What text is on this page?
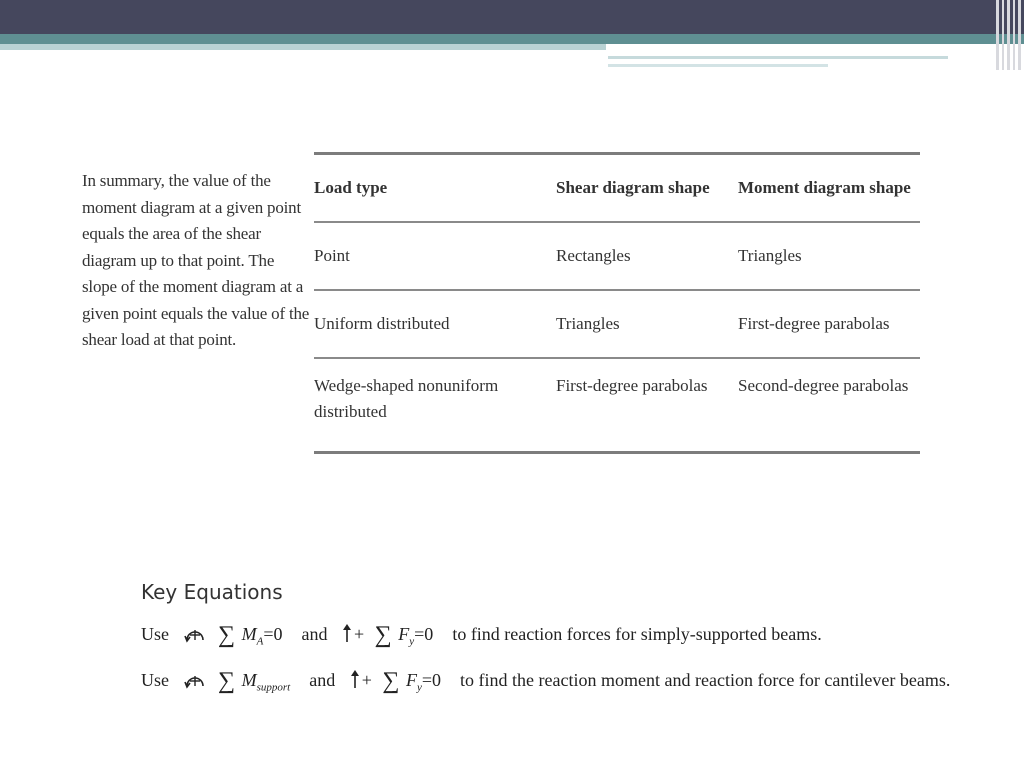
In summary, the value of the moment diagram at a given point equals the area of the shear diagram up to that point. The slope of the moment diagram at a given point equals the value of the shear load at that point.
Load type	Shear diagram shape	Moment diagram shape
Point	Rectangles	Triangles
Uniform distributed	Triangles	First-degree parabolas
Wedge-shaped nonuniform distributed	First-degree parabolas	Second-degree parabolas
Key Equations
Use ∑ $M_A=0$ and + ∑ $F_y=0$ to find reaction forces for simply-supported beams.
Use ∑ $M_{support}$ and + ∑ $F_y=0$ to find the reaction moment and reaction force for cantilever beams.
